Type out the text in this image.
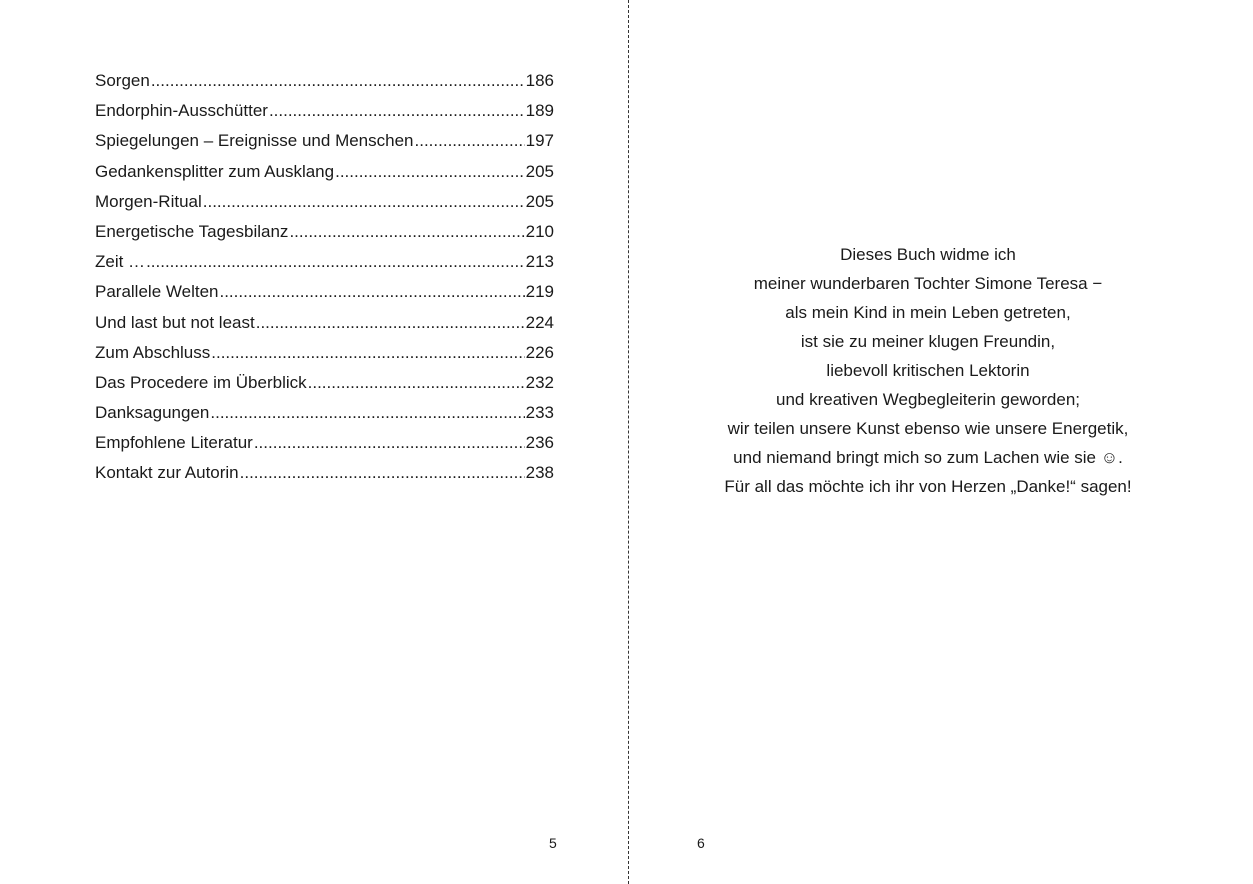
Sorgen .....	186
Endorphin-Ausschütter .....	189
Spiegelungen – Ereignisse und Menschen .....	197
Gedankensplitter zum Ausklang .....	205
Morgen-Ritual .....	205
Energetische Tagesbilanz .....	210
Zeit … .....	213
Parallele Welten .....	219
Und last but not least .....	224
Zum Abschluss .....	226
Das Procedere im Überblick .....	232
Danksagungen .....	233
Empfohlene Literatur .....	236
Kontakt zur Autorin .....	238
5
Dieses Buch widme ich
meiner wunderbaren Tochter Simone Teresa −
als mein Kind in mein Leben getreten,
ist sie zu meiner klugen Freundin,
liebevoll kritischen Lektorin
und kreativen Wegbegleiterin geworden;
wir teilen unsere Kunst ebenso wie unsere Energetik,
und niemand bringt mich so zum Lachen wie sie ☺.
Für all das möchte ich ihr von Herzen „Danke!“ sagen!
6
